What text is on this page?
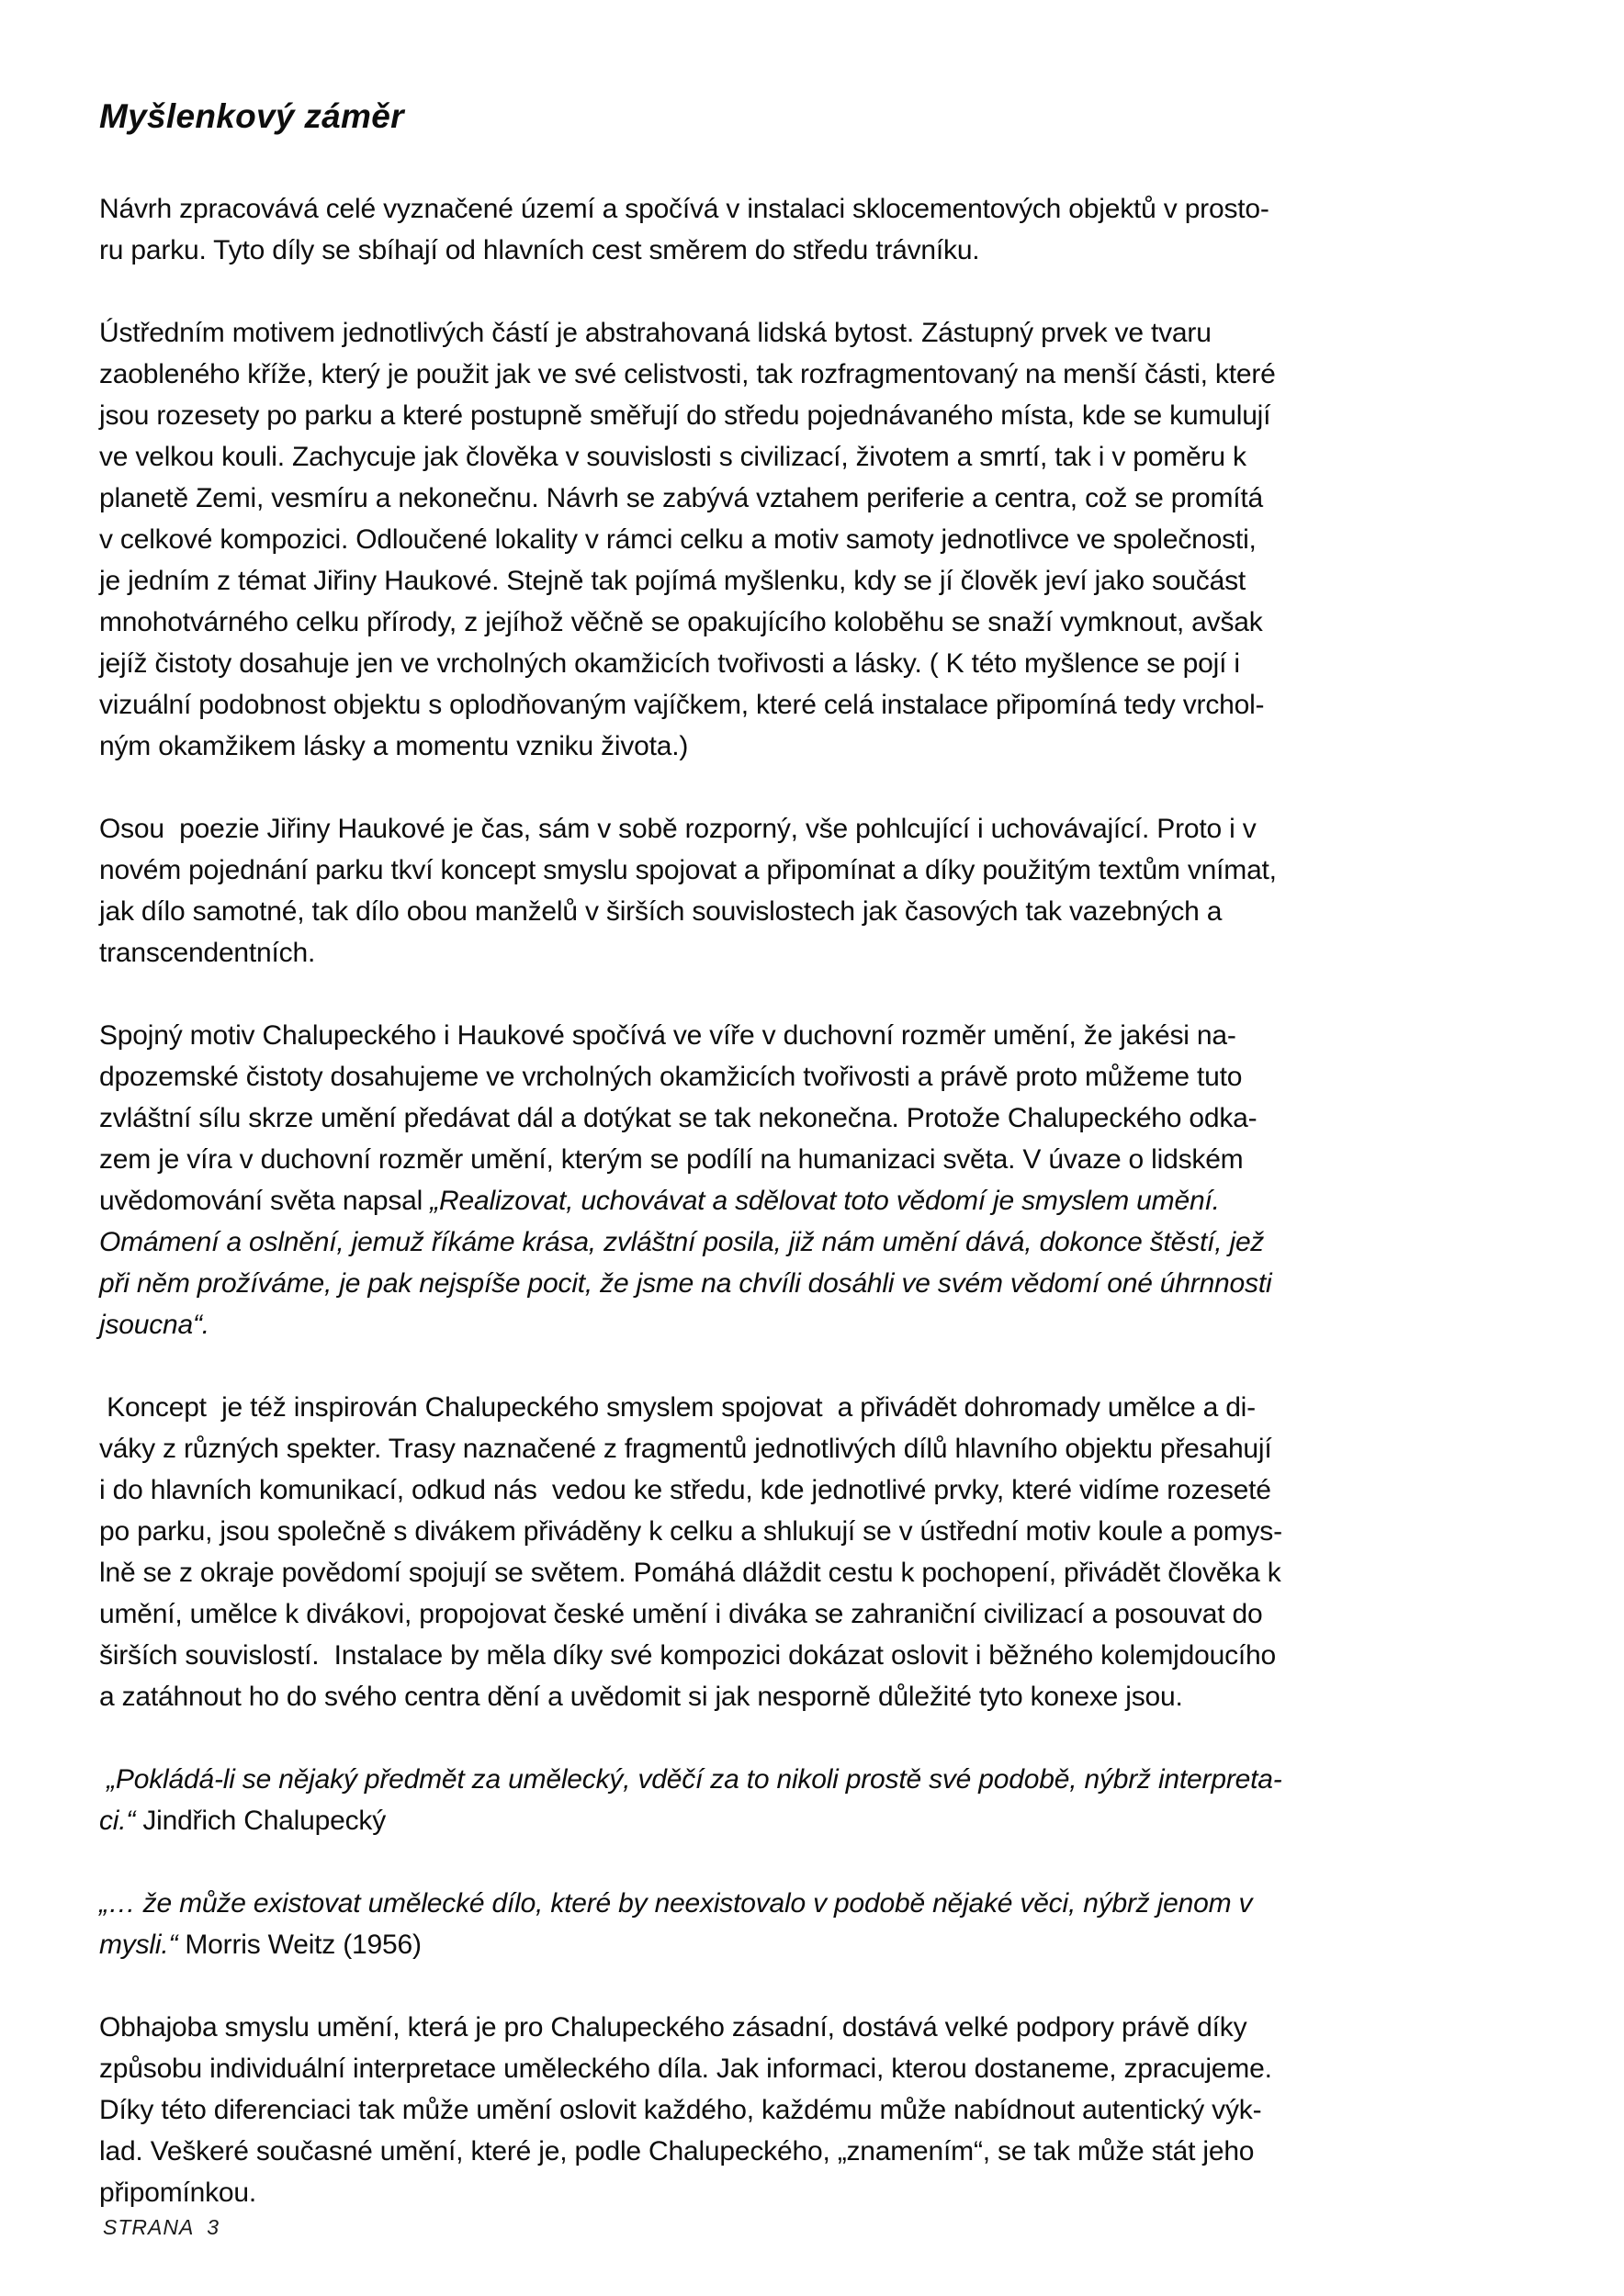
Myšlenkový záměr
Návrh zpracovává celé vyznačené území a spočívá v instalaci sklocementových objektů v prosto-
ru parku. Tyto díly se sbíhají od hlavních cest směrem do středu trávníku.
Ústředním motivem jednotlivých částí je abstrahovaná lidská bytost. Zástupný prvek ve tvaru
zaobleného kříže, který je použit jak ve své celistvosti, tak rozfragmentovaný na menší části, které
jsou rozesety po parku a které postupně směřují do středu pojednávaného místa, kde se kumulují
ve velkou kouli. Zachycuje jak člověka v souvislosti s civilizací, životem a smrtí, tak i v poměru k
planetě Zemi, vesmíru a nekonečnu. Návrh se zabývá vztahem periferie a centra, což se promítá
v celkové kompozici. Odloučené lokality v rámci celku a motiv samoty jednotlivce ve společnosti,
je jedním z témat Jiřiny Haukové. Stejně tak pojímá myšlenku, kdy se jí člověk jeví jako součást
mnohotvárného celku přírody, z jejíhož věčně se opakujícího koloběhu se snaží vymknout, avšak
jejíž čistoty dosahuje jen ve vrcholných okamžicích tvořivosti a lásky. ( K této myšlence se pojí i
vizuální podobnost objektu s oplodňovaným vajíčkem, které celá instalace připomíná tedy vrchol-
ným okamžikem lásky a momentu vzniku života.)
Osou  poezie Jiřiny Haukové je čas, sám v sobě rozporný, vše pohlcující i uchovávající. Proto i v
novém pojednání parku tkví koncept smyslu spojovat a připomínat a díky použitým textům vnímat,
jak dílo samotné, tak dílo obou manželů v širších souvislostech jak časových tak vazebných a
transcendentních.
Spojný motiv Chalupeckého i Haukové spočívá ve víře v duchovní rozměr umění, že jakési na-
dpozemské čistoty dosahujeme ve vrcholných okamžicích tvořivosti a právě proto můžeme tuto
zvláštní sílu skrze umění předávat dál a dotýkat se tak nekonečna. Protože Chalupeckého odka-
zem je víra v duchovní rozměr umění, kterým se podílí na humanizaci světa. V úvaze o lidském
uvědomování světa napsal „Realizovat, uchovávat a sdělovat toto vědomí je smyslem umění.
Omámení a oslnění, jemuž říkáme krása, zvláštní posila, již nám umění dává, dokonce štěstí, jež
při něm prožíváme, je pak nejspíše pocit, že jsme na chvíli dosáhli ve svém vědomí oné úhrnnosti
jsoucna“.
Koncept  je též inspirován Chalupeckého smyslem spojovat  a přivádět dohromady umělce a di-
váky z různých spekter. Trasy naznačené z fragmentů jednotlivých dílů hlavního objektu přesahují
i do hlavních komunikací, odkud nás  vedou ke středu, kde jednotlivé prvky, které vidíme rozeseté
po parku, jsou společně s divákem přiváděny k celku a shlukují se v ústřední motiv koule a pomys-
lně se z okraje povědomí spojují se světem. Pomáhá dláždit cestu k pochopení, přivádět člověka k
umění, umělce k divákovi, propojovat české umění i diváka se zahraniční civilizací a posouvat do
širších souvislostí.  Instalace by měla díky své kompozici dokázat oslovit i běžného kolemjdoucího
a zatáhnout ho do svého centra dění a uvědomit si jak nesporně důležité tyto konexe jsou.
„Pokládá-li se nějaký předmět za umělecký, vděčí za to nikoli prostě své podobě, nýbrž interpreta-
ci.“ Jindřich Chalupecký
„… že může existovat umělecké dílo, které by neexistovalo v podobě nějaké věci, nýbrž jenom v
mysli.“ Morris Weitz (1956)
Obhajoba smyslu umění, která je pro Chalupeckého zásadní, dostává velké podpory právě díky
způsobu individuální interpretace uměleckého díla. Jak informaci, kterou dostaneme, zpracujeme.
Díky této diferenciaci tak může umění oslovit každého, každému může nabídnout autentický výk-
lad. Veškeré současné umění, které je, podle Chalupeckého, „znamením“, se tak může stát jeho
připomínkou.
STRANA  3
